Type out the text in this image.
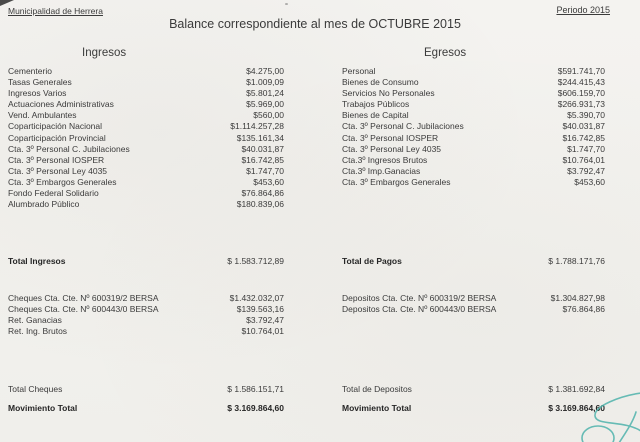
Municipalidad de Herrera	Periodo 2015
Balance correspondiente al mes de OCTUBRE 2015
Ingresos	Egresos
Cementerio	$4.275,00
Tasas Generales	$1.009,09
Ingresos Varios	$5.801,24
Actuaciones Administrativas	$5.969,00
Vend. Ambulantes	$560,00
Coparticipación Nacional	$1.114.257,28
Coparticipación Provincial	$135.161,34
Cta. 3º Personal C. Jubilaciones	$40.031,87
Cta. 3º Personal IOSPER	$16.742,85
Cta. 3º Personal Ley 4035	$1.747,70
Cta. 3º Embargos Generales	$453,60
Fondo Federal Solidario	$76.864,86
Alumbrado Público	$180.839,06
Personal	$591.741,70
Bienes de Consumo	$244.415,43
Servicios No Personales	$606.159,70
Trabajos Públicos	$266.931,73
Bienes de Capital	$5.390,70
Cta. 3º Personal C. Jubilaciones	$40.031,87
Cta. 3º Personal IOSPER	$16.742,85
Cta. 3º Personal Ley 4035	$1.747,70
Cta.3º Ingresos Brutos	$10.764,01
Cta.3º Imp.Ganacias	$3.792,47
Cta. 3º Embargos Generales	$453,60
Total Ingresos	$ 1.583.712,89	Total de Pagos	$ 1.788.171,76
Cheques Cta. Cte. Nº 600319/2 BERSA	$1.432.032,07
Cheques Cta. Cte. Nº 600443/0 BERSA	$139.563,16
Ret. Ganacias	$3.792,47
Ret. Ing. Brutos	$10.764,01
Depositos Cta. Cte. Nº 600319/2 BERSA	$1.304.827,98
Depositos Cta. Cte. Nº 600443/0 BERSA	$76.864,86
Total Cheques	$ 1.586.151,71	Total de Depositos	$ 1.381.692,84
Movimiento Total	$ 3.169.864,60	Movimiento Total	$ 3.169.864,60
